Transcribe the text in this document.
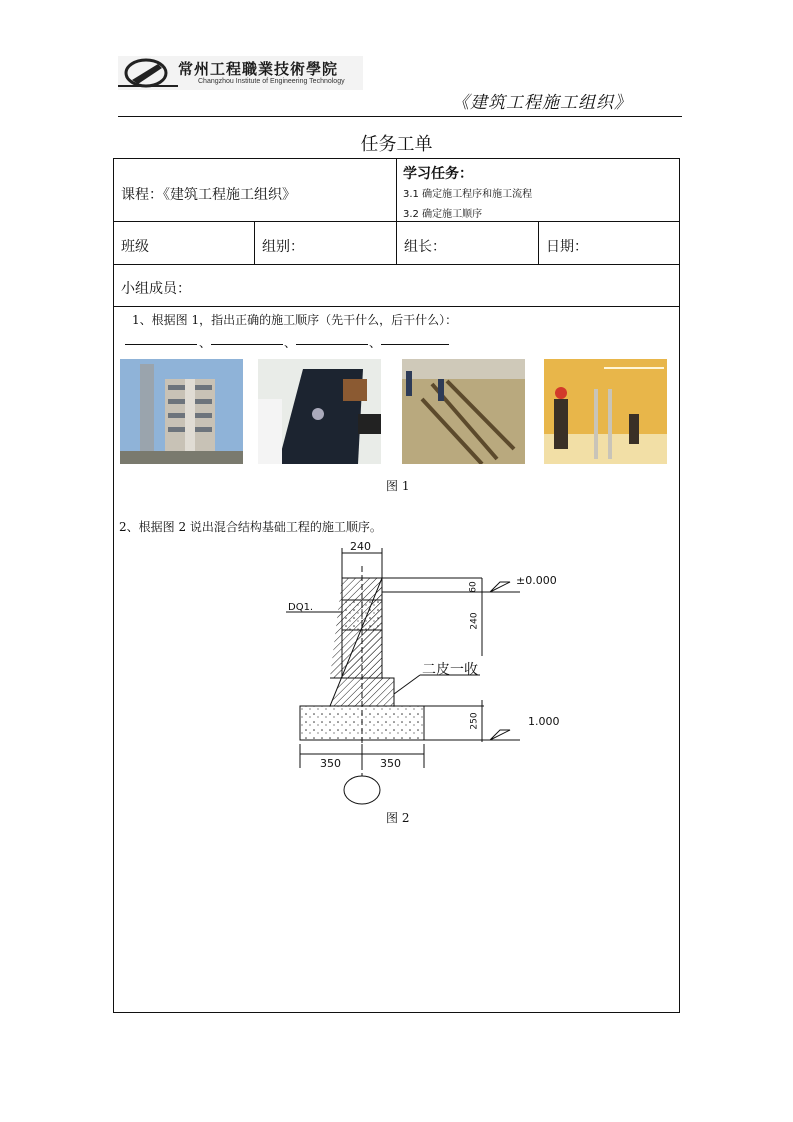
常州工程職業技術學院
Changzhou Institute of Engineering Technology
《建筑工程施工组织》
任务工单
课程：《建筑工程施工组织》
学习任务：
3.1 确定施工程序和施工流程
3.2 确定施工顺序
班级	组别：	组长：	日期：
小组成员：
1、根据图 1，指出正确的施工顺序（先干什么，后干什么）：
、	、	、
图 1
2、根据图 2 说出混合结构基础工程的施工顺序。
240
DQ1.
±0.000
60
240
二皮一收
250	1.000
350	350
图 2
